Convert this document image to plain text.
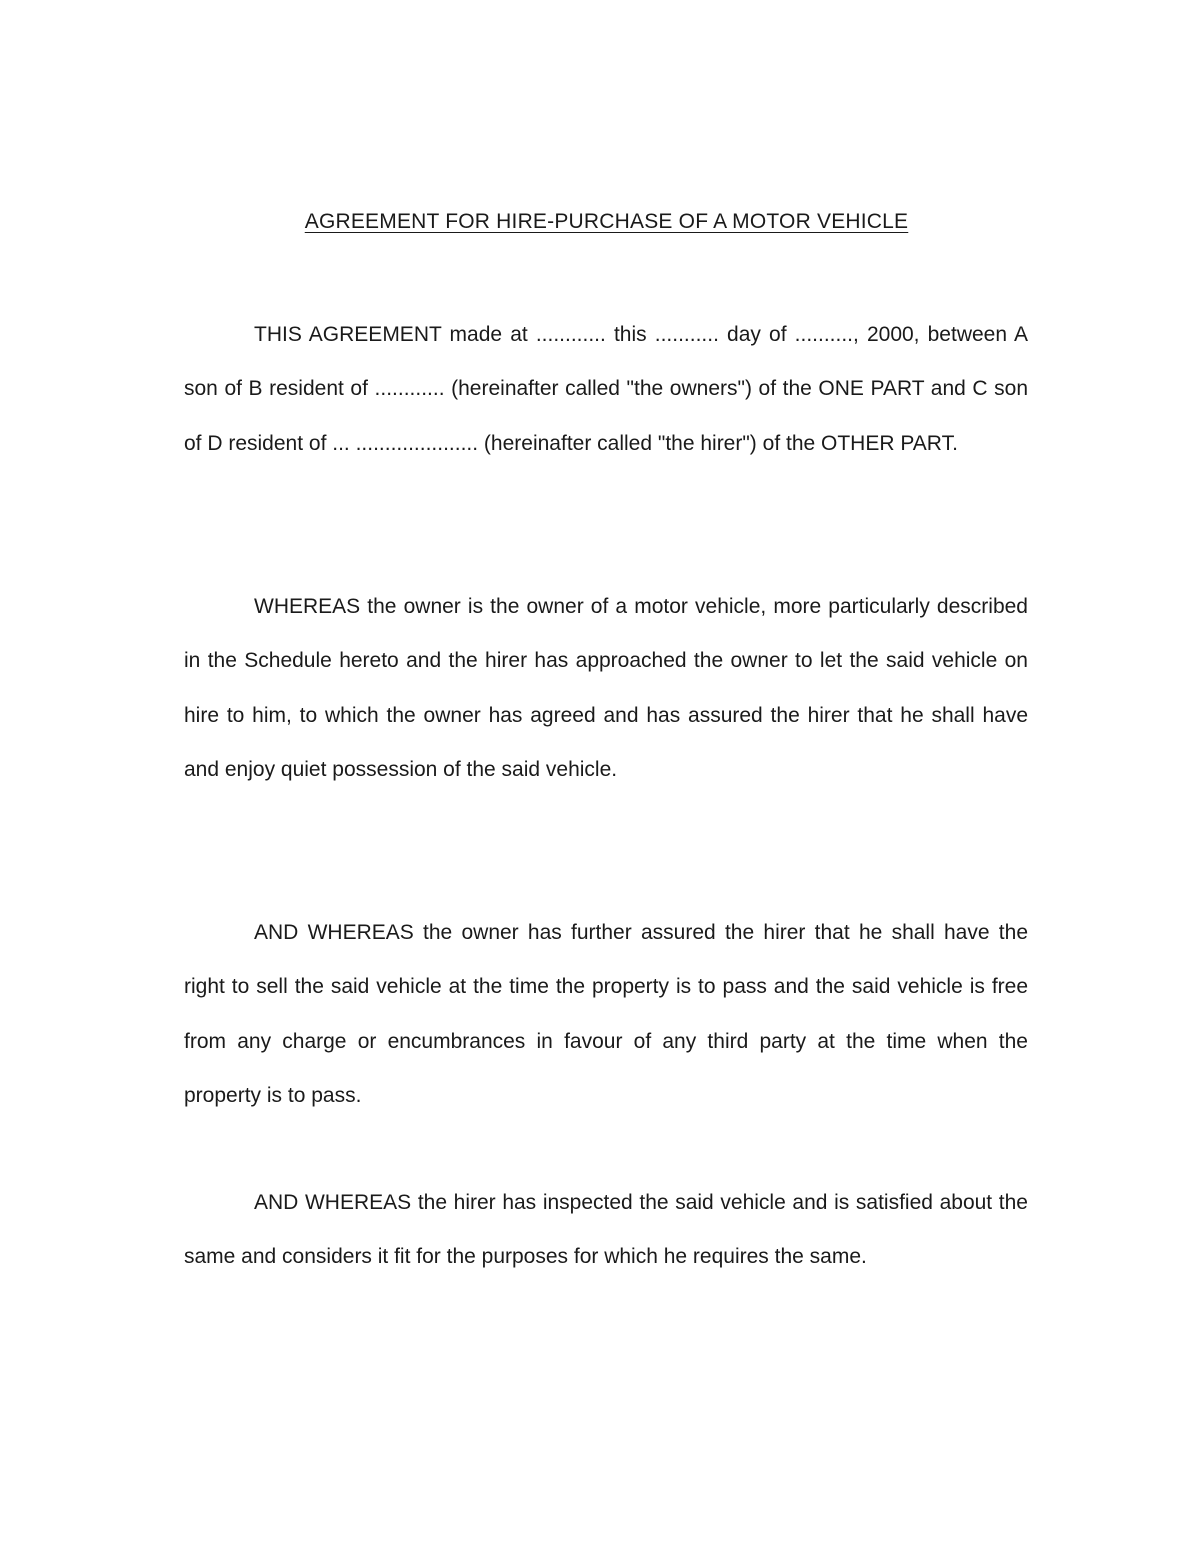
AGREEMENT FOR HIRE-PURCHASE OF A MOTOR VEHICLE

THIS AGREEMENT made at ............ this ........... day of .........., 2000, between A son of B resident of ............ (hereinafter called "the owners") of the ONE PART and C son of D resident of ... ..................... (hereinafter called "the hirer") of the OTHER PART.

WHEREAS the owner is the owner of a motor vehicle, more particularly described in the Schedule hereto and the hirer has approached the owner to let the said vehicle on hire to him, to which the owner has agreed and has assured the hirer that he shall have and enjoy quiet possession of the said vehicle.

AND WHEREAS the owner has further assured the hirer that he shall have the right to sell the said vehicle at the time the property is to pass and the said vehicle is free from any charge or encumbrances in favour of any third party at the time when the property is to pass.

AND WHEREAS the hirer has inspected the said vehicle and is satisfied about the same and considers it fit for the purposes for which he requires the same.
